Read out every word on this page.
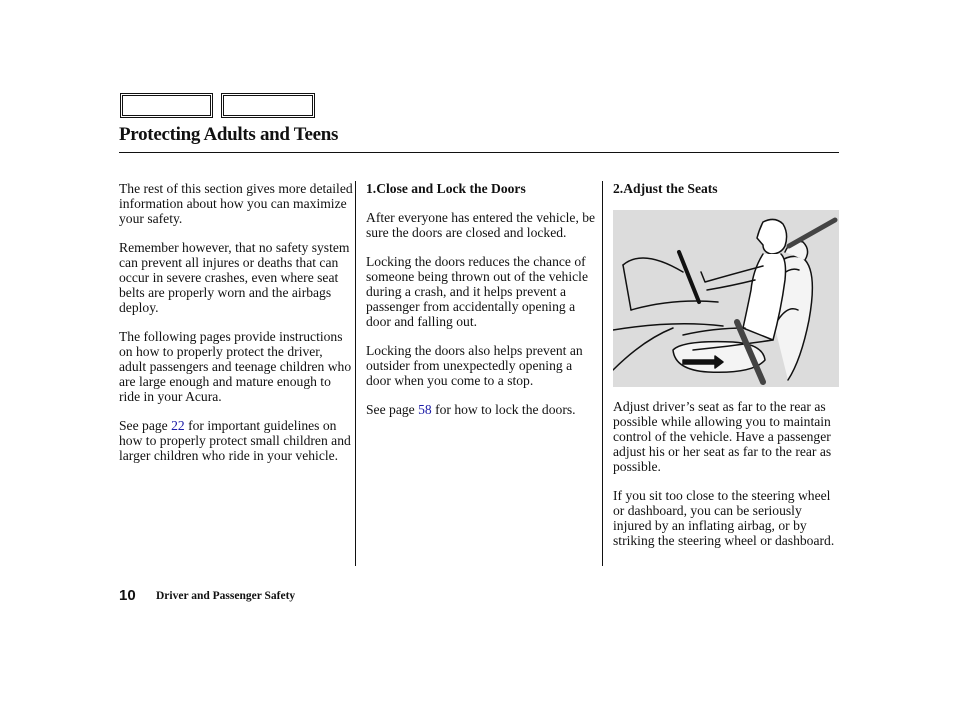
Protecting Adults and Teens

The rest of this section gives more detailed information about how you can maximize your safety.

Remember however, that no safety system can prevent all injures or deaths that can occur in severe crashes, even where seat belts are properly worn and the airbags deploy.

The following pages provide instructions on how to properly protect the driver, adult passengers and teenage children who are large enough and mature enough to ride in your Acura.

See page 22 for important guidelines on how to properly protect small children and larger children who ride in your vehicle.

1.Close and Lock the Doors

After everyone has entered the vehicle, be sure the doors are closed and locked.

Locking the doors reduces the chance of someone being thrown out of the vehicle during a crash, and it helps prevent a passenger from accidentally opening a door and falling out.

Locking the doors also helps prevent an outsider from unexpectedly opening a door when you come to a stop.

See page 58 for how to lock the doors.

2.Adjust the Seats

Adjust driver’s seat as far to the rear as possible while allowing you to maintain control of the vehicle. Have a passenger adjust his or her seat as far to the rear as possible.

If you sit too close to the steering wheel or dashboard, you can be seriously injured by an inflating airbag, or by striking the steering wheel or dashboard.

10 Driver and Passenger Safety
